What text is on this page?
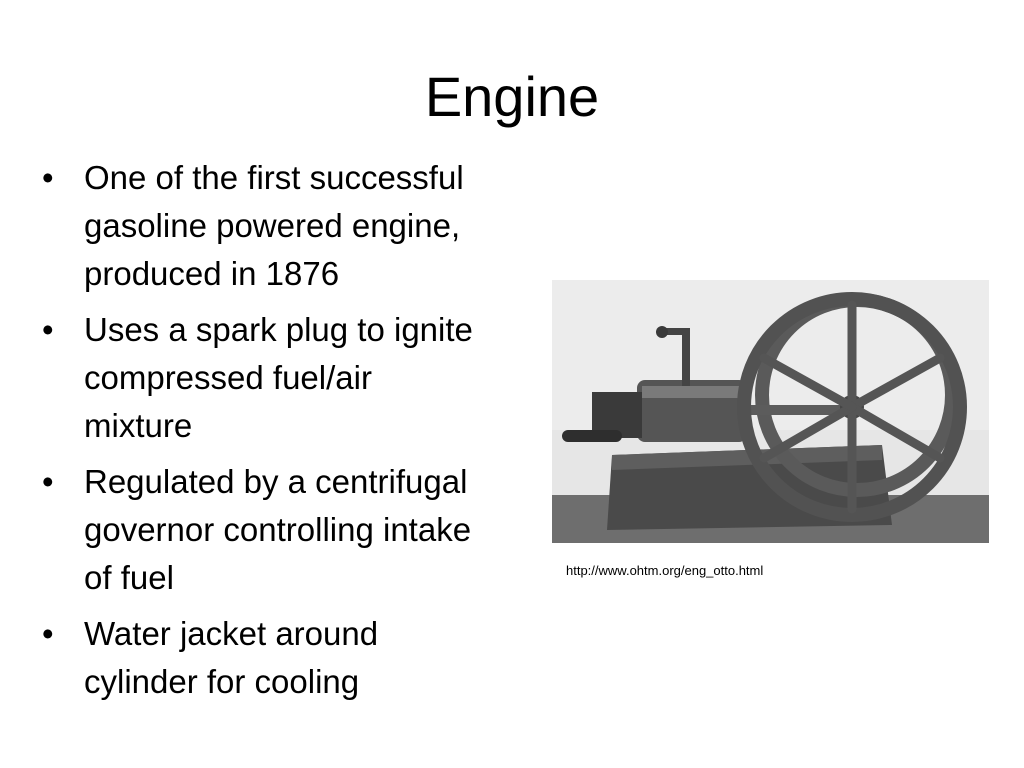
Engine
• One of the first successful
gasoline powered engine,
produced in 1876
• Uses a spark plug to ignite
compressed fuel/air
mixture
• Regulated by a centrifugal
governor controlling intake
of fuel
• Water jacket around
cylinder for cooling
http://www.ohtm.org/eng_otto.html
